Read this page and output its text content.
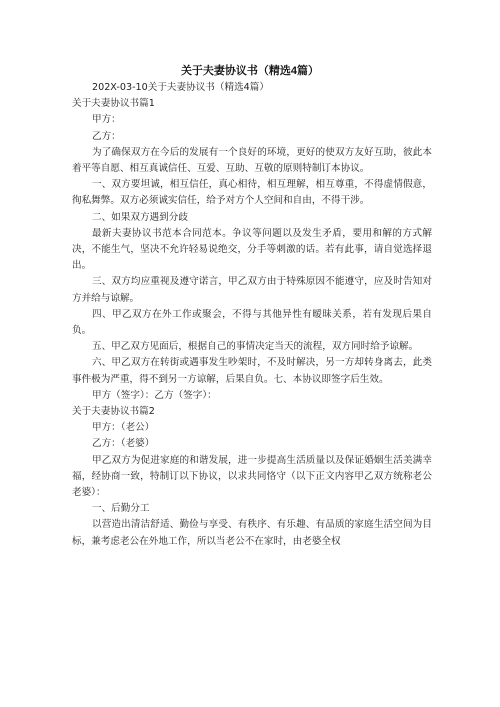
关于夫妻协议书（精选4篇）

202X-03-10关于夫妻协议书（精选4篇）

关于夫妻协议书篇1

甲方：

乙方：

为了确保双方在今后的发展有一个良好的环境，更好的使双方友好互助，彼此本着平等自愿、相互真诚信任、互爱、互助、互敬的原则特制订本协议。

一、双方要坦诚，相互信任，真心相待，相互理解，相互尊重，不得虚情假意，徇私舞弊。双方必须诚实信任，给予对方个人空间和自由，不得干涉。

二、如果双方遇到分歧

最新夫妻协议书范本合同范本。争议等问题以及发生矛盾，要用和解的方式解决，不能生气，坚决不允许轻易说绝交，分手等刺激的话。若有此事，请自觉选择退出。

三、双方均应重视及遵守诺言，甲乙双方由于特殊原因不能遵守，应及时告知对方并给与谅解。

四、甲乙双方在外工作或聚会，不得与其他异性有暧昧关系，若有发现后果自负。

五、甲乙双方见面后，根据自己的事情决定当天的流程，双方同时给予谅解。

六、甲乙双方在转街或遇事发生吵架时，不及时解决，另一方却转身离去，此类事件极为严重，得不到另一方谅解，后果自负。七、本协议即签字后生效。

甲方（签字）：乙方（签字）：

关于夫妻协议书篇2

甲方：（老公）

乙方：（老婆）

甲乙双方为促进家庭的和谐发展，进一步提高生活质量以及保证婚姻生活美满幸福，经协商一致，特制订以下协议，以求共同恪守（以下正文内容甲乙双方统称老公老婆）：

一、后勤分工

以营造出清洁舒适、勤俭与享受、有秩序、有乐趣、有品质的家庭生活空间为目标，兼考虑老公在外地工作，所以当老公不在家时，由老婆全权
